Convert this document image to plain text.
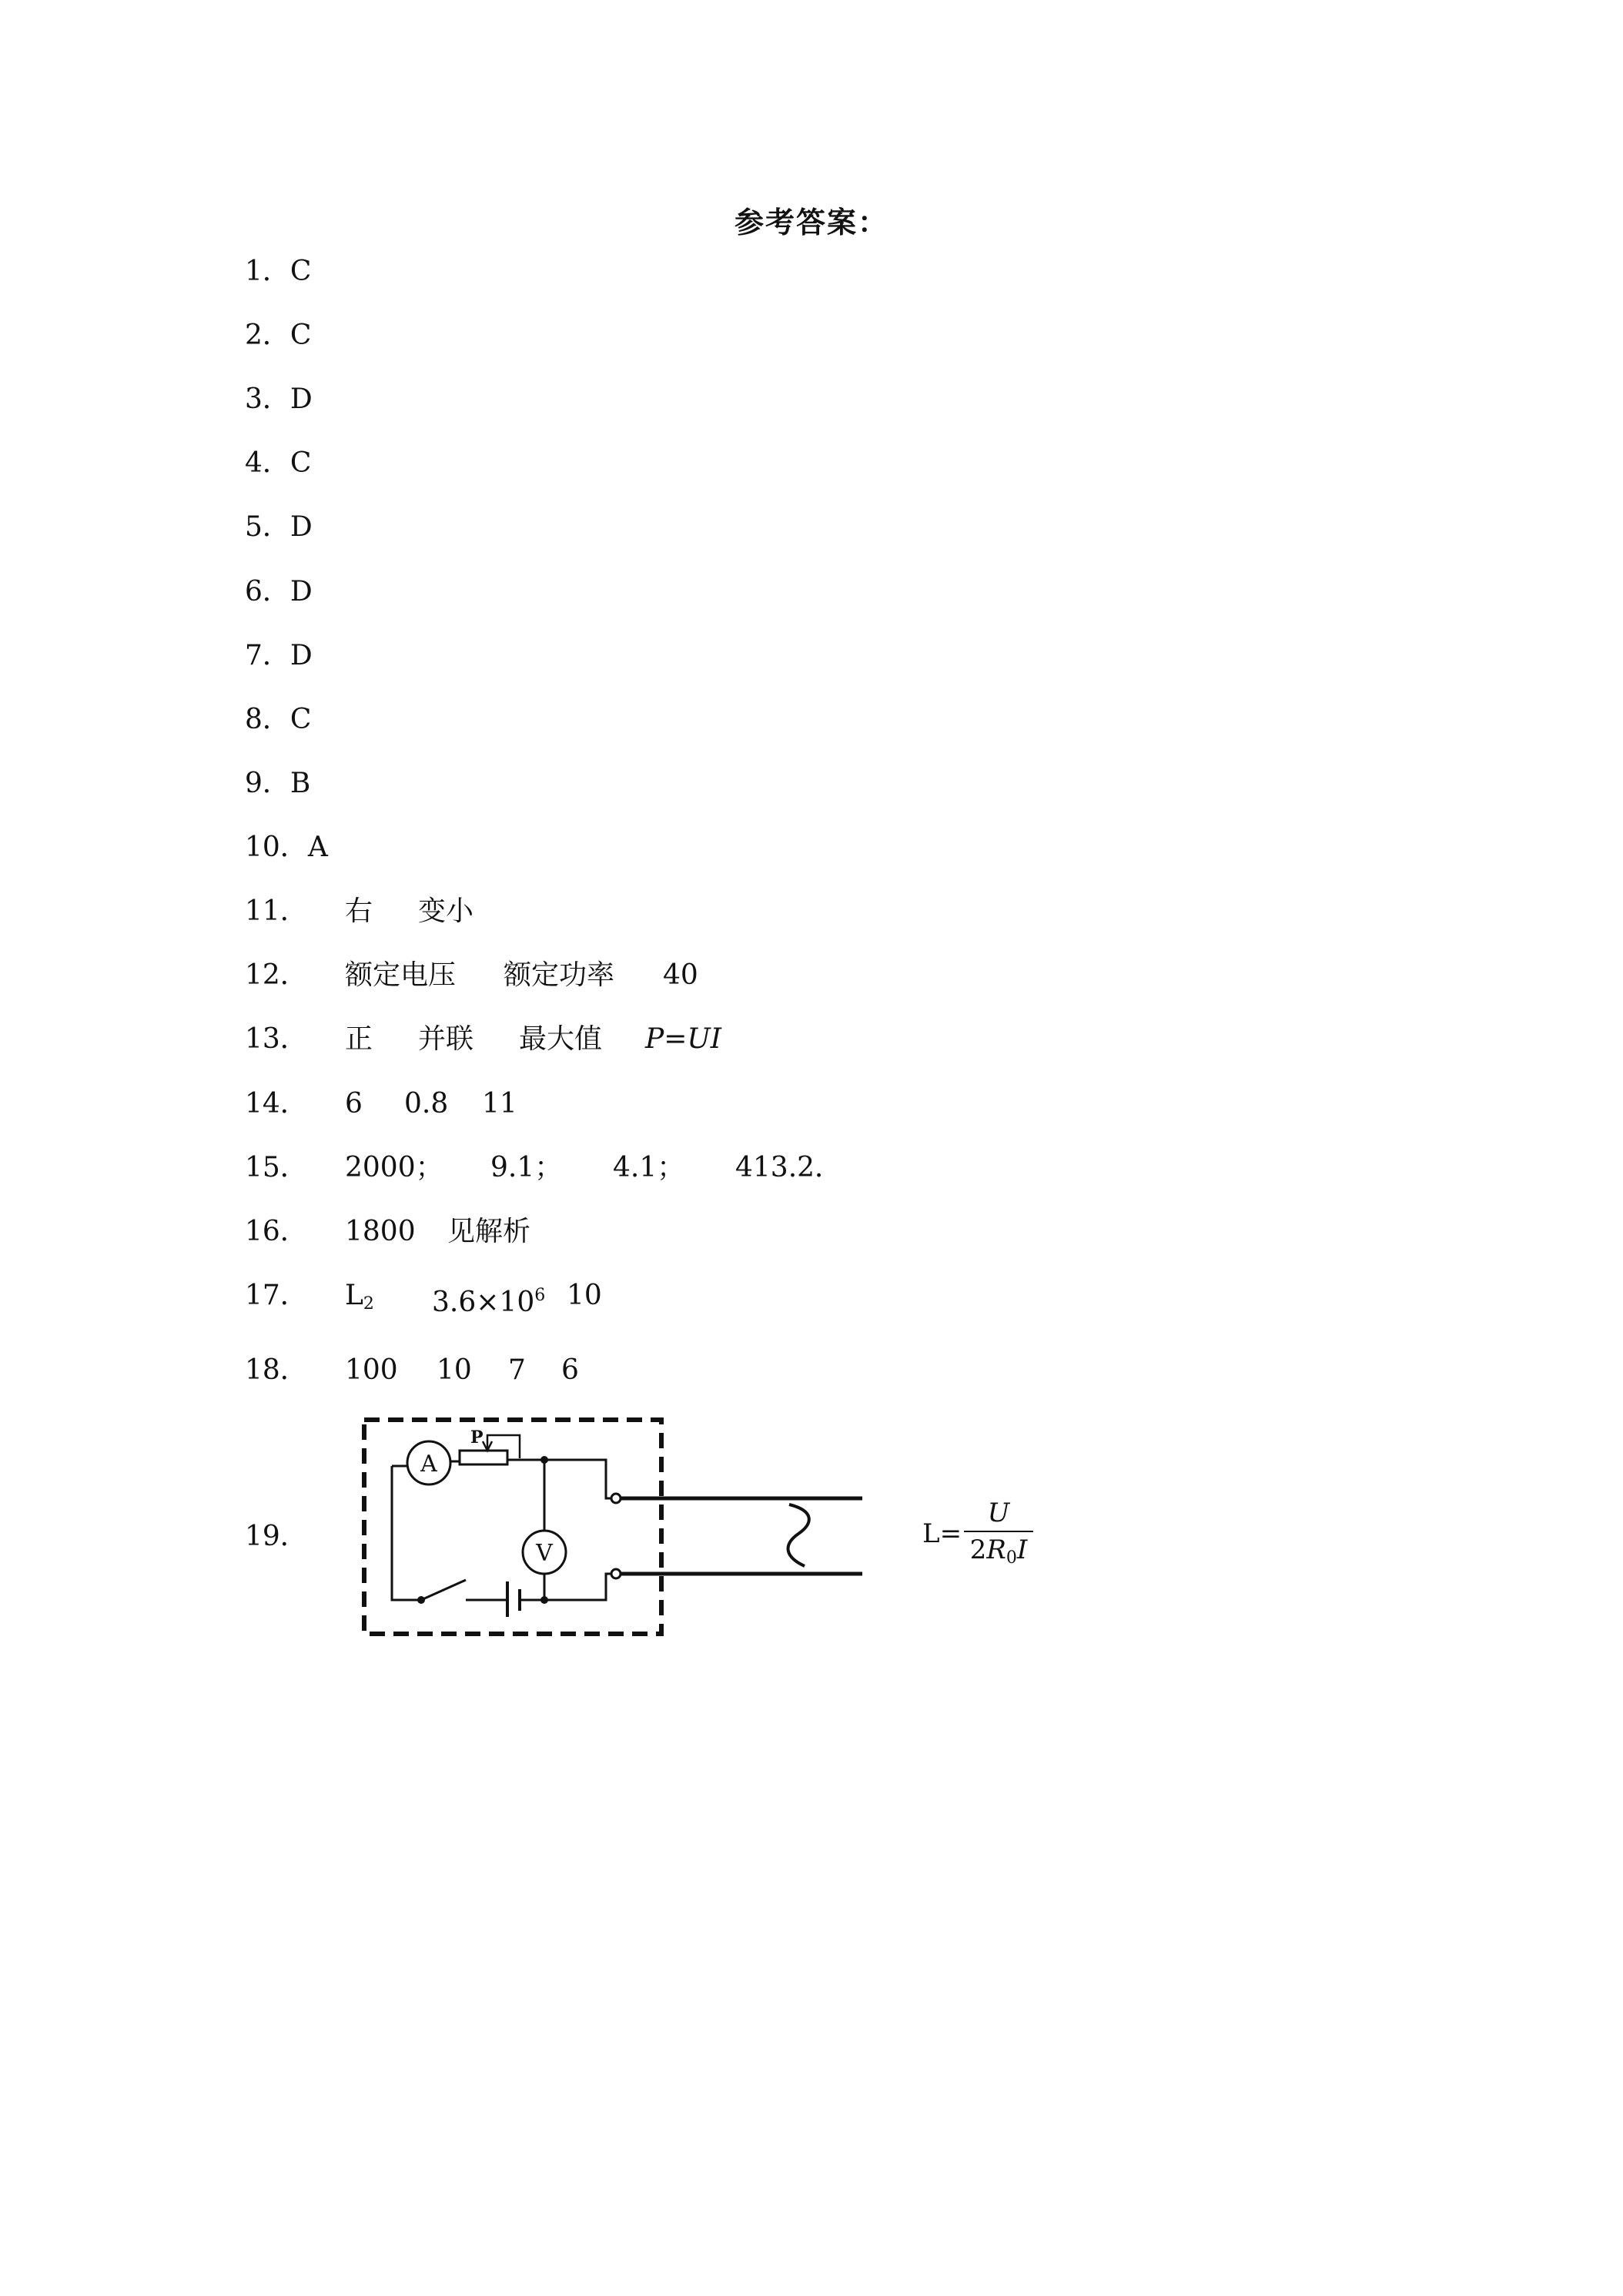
参考答案：
1．C
2．C
3．D
4．C
5．D
6．D
7．D
8．C
9．B
10．A
11． 右 变小
12． 额定电压 额定功率 40
13． 正 并联 最大值 P=UI
14． 6 0.8 11
15． 2000； 9.1； 4.1； 413.2．
16． 1800 见解析
17． $L_2$ $3.6\times 10^6$ 10
18． 100 10 7 6
19．
A
P
V
L=
U
$2R_0I$
